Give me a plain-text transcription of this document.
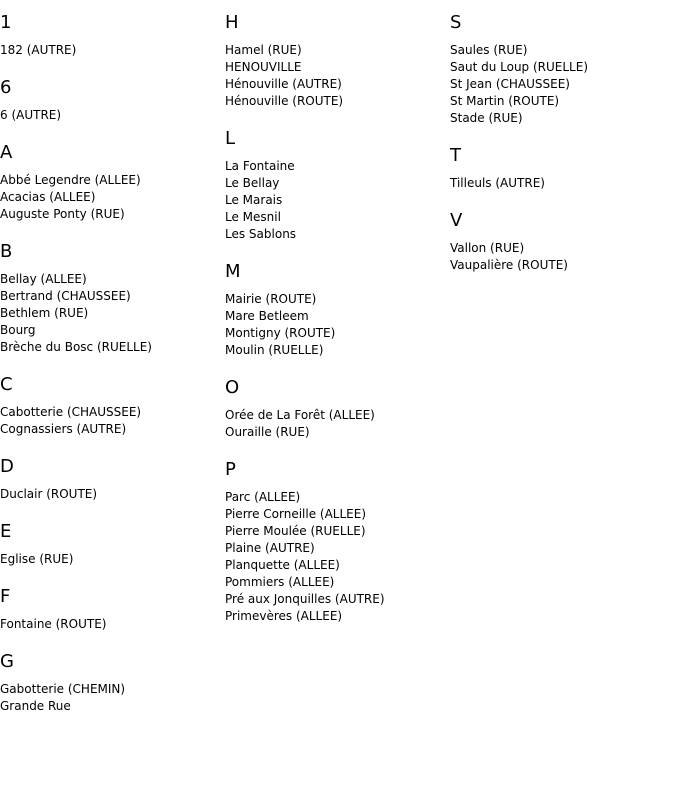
1
182 (AUTRE)
6
6 (AUTRE)
A
Abbé Legendre (ALLEE)
Acacias (ALLEE)
Auguste Ponty (RUE)
B
Bellay (ALLEE)
Bertrand (CHAUSSEE)
Bethlem (RUE)
Bourg
Brèche du Bosc (RUELLE)
C
Cabotterie (CHAUSSEE)
Cognassiers (AUTRE)
D
Duclair (ROUTE)
E
Eglise (RUE)
F
Fontaine (ROUTE)
G
Gabotterie (CHEMIN)
Grande Rue
H
Hamel (RUE)
HENOUVILLE
Hénouville (AUTRE)
Hénouville (ROUTE)
L
La Fontaine
Le Bellay
Le Marais
Le Mesnil
Les Sablons
M
Mairie (ROUTE)
Mare Betleem
Montigny (ROUTE)
Moulin (RUELLE)
O
Orée de La Forêt (ALLEE)
Ouraille (RUE)
P
Parc (ALLEE)
Pierre Corneille (ALLEE)
Pierre Moulée (RUELLE)
Plaine (AUTRE)
Planquette (ALLEE)
Pommiers (ALLEE)
Pré aux Jonquilles (AUTRE)
Primevères (ALLEE)
S
Saules (RUE)
Saut du Loup (RUELLE)
St Jean (CHAUSSEE)
St Martin (ROUTE)
Stade (RUE)
T
Tilleuls (AUTRE)
V
Vallon (RUE)
Vaupalière (ROUTE)
